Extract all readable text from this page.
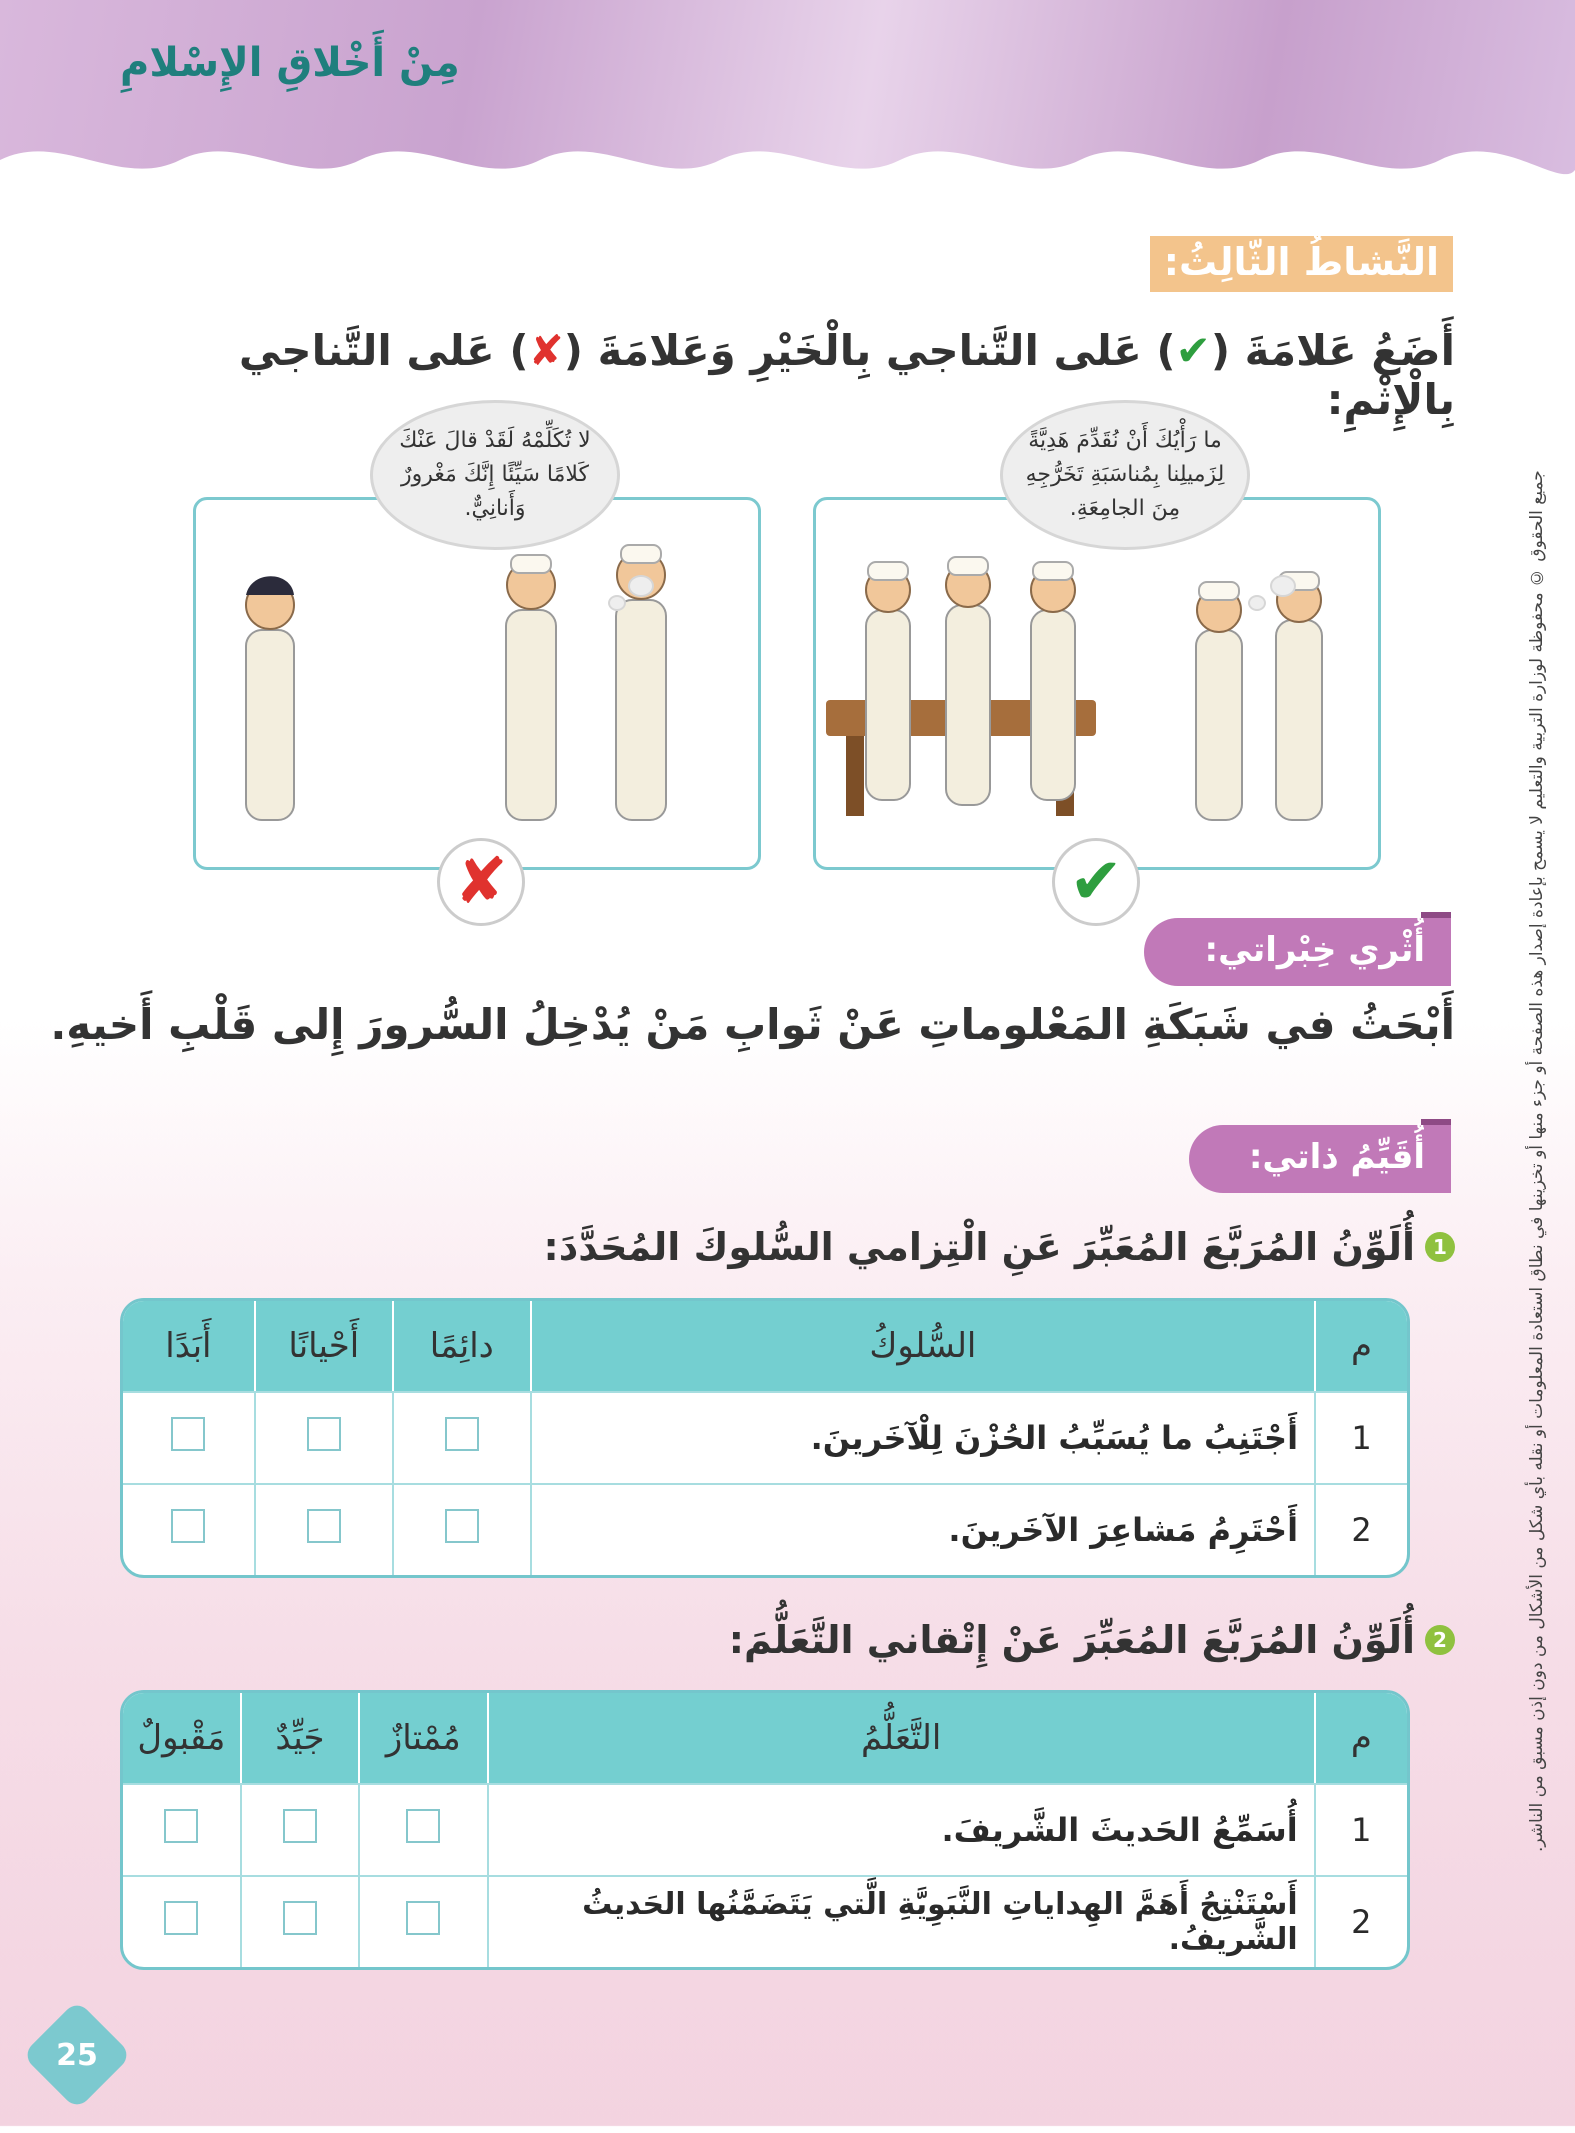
مِنْ أَخْلاقِ الإِسْلامِ
جميع الحقوق © محفوظة لوزارة التربية والتعليم لا يسمح بإعادة إصدار هذه الصفحة أو جزء منها أو تخزينها في نطاق استعادة المعلومات أو نقله بأي شكل من الأشكال من دون إذن مسبق من الناشر.
النَّشاطُ الثّالِثُ:
أَضَعُ عَلامَةَ (✔) عَلى التَّناجي بِالْخَيْرِ وَعَلامَةَ (✘) عَلى التَّناجي بِالْإِثْمِ:
ما رَأْيُكَ أَنْ نُقَدِّمَ هَدِيَّةً لِزَميلِنا بِمُناسَبَةِ تَخَرُّجِهِ مِنَ الجامِعَةِ.
✔
لا تُكَلِّمْهُ لَقَدْ قالَ عَنْكَ كَلامًا سَيِّئًا إِنَّكَ مَغْرورٌ وَأَنانِيٌّ.
✘
أُثْري خِبْراتي:
أَبْحَثُ في شَبَكَةِ المَعْلوماتِ عَنْ ثَوابِ مَنْ يُدْخِلُ السُّرورَ إِلى قَلْبِ أَخيهِ.
أُقَيِّمُ ذاتي:
1
أُلَوِّنُ المُرَبَّعَ المُعَبِّرَ عَنِ الْتِزامي السُّلوكَ المُحَدَّدَ:
م	السُّلوكُ	دائِمًا	أَحْيانًا	أَبَدًا
1	أَجْتَنِبُ ما يُسَبِّبُ الحُزْنَ لِلْآخَرينَ.			
2	أَحْتَرِمُ مَشاعِرَ الآخَرينَ.			
2
أُلَوِّنُ المُرَبَّعَ المُعَبِّرَ عَنْ إِتْقاني التَّعَلُّمَ:
م	التَّعَلُّمُ	مُمْتازٌ	جَيِّدٌ	مَقْبولٌ
1	أُسَمِّعُ الحَديثَ الشَّريفَ.			
2	أَسْتَنْتِجُ أَهَمَّ الهِداياتِ النَّبَوِيَّةِ الَّتي يَتَضَمَّنُها الحَديثُ الشَّريفُ.			
25
